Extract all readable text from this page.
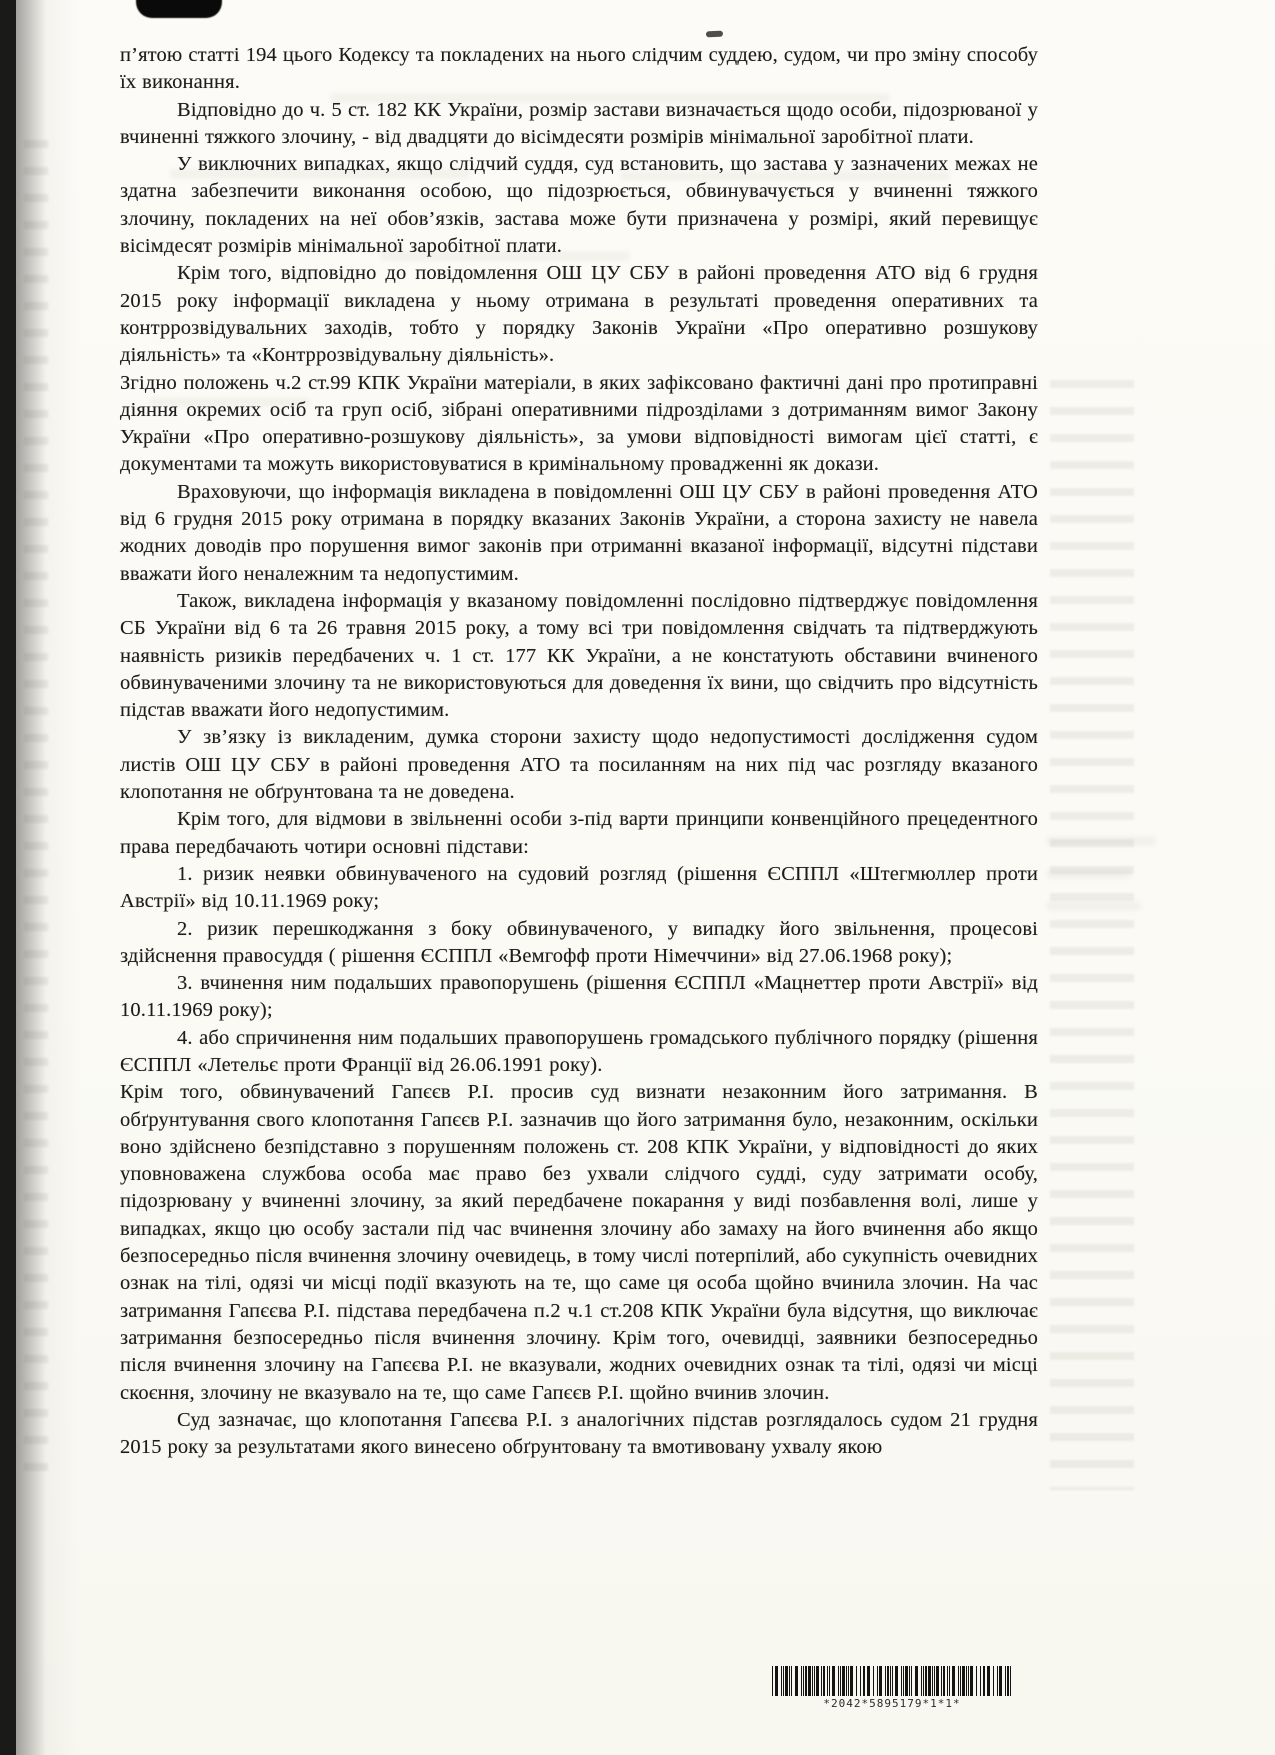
п’ятою статті 194 цього Кодексу та покладених на нього слідчим суддею, судом, чи про зміну способу їх виконання.

Відповідно до ч. 5 ст. 182 КК України, розмір застави визначається щодо особи, підозрюваної у вчиненні тяжкого злочину, - від двадцяти до вісімдесяти розмірів мінімальної заробітної плати.

У виключних випадках, якщо слідчий суддя, суд встановить, що застава у зазначених межах не здатна забезпечити виконання особою, що підозрюється, обвинувачується у вчиненні тяжкого злочину, покладених на неї обов’язків, застава може бути призначена у розмірі, який перевищує вісімдесят розмірів мінімальної заробітної плати.

Крім того, відповідно до повідомлення ОШ ЦУ СБУ в районі проведення АТО від 6 грудня 2015 року інформації викладена у ньому отримана в результаті проведення оперативних та контррозвідувальних заходів, тобто у порядку Законів України «Про оперативно розшукову діяльність» та «Контррозвідувальну діяльність».

Згідно положень ч.2 ст.99 КПК України матеріали, в яких зафіксовано фактичні дані про протиправні діяння окремих осіб та груп осіб, зібрані оперативними підрозділами з дотриманням вимог Закону України «Про оперативно-розшукову діяльність», за умови відповідності вимогам цієї статті, є документами та можуть використовуватися в кримінальному провадженні як докази.

Враховуючи, що інформація викладена в повідомленні ОШ ЦУ СБУ в районі проведення АТО від 6 грудня 2015 року отримана в порядку вказаних Законів України, а сторона захисту не навела жодних доводів про порушення вимог законів при отриманні вказаної інформації, відсутні підстави вважати його неналежним та недопустимим.

Також, викладена інформація у вказаному повідомленні послідовно підтверджує повідомлення СБ України від 6 та 26 травня 2015 року, а тому всі три повідомлення свідчать та підтверджують наявність ризиків передбачених ч. 1 ст. 177 КК України, а не констатують обставини вчиненого обвинуваченими злочину та не використовуються для доведення їх вини, що свідчить про відсутність підстав вважати його недопустимим.

У зв’язку із викладеним, думка сторони захисту щодо недопустимості дослідження судом листів ОШ ЦУ СБУ в районі проведення АТО та посиланням на них під час розгляду вказаного клопотання не обґрунтована та не доведена.

Крім того, для відмови в звільненні особи з-під варти принципи конвенційного прецедентного права передбачають чотири основні підстави:

1. ризик неявки обвинуваченого на судовий розгляд (рішення ЄСППЛ «Штегмюллер проти Австрії» від 10.11.1969 року;

2. ризик перешкоджання з боку обвинуваченого, у випадку його звільнення, процесові здійснення правосуддя ( рішення ЄСППЛ «Вемгофф проти Німеччини» від 27.06.1968 року);

3. вчинення ним подальших правопорушень (рішення ЄСППЛ «Мацнеттер проти Австрії» від 10.11.1969 року);

4. або спричинення ним подальших правопорушень громадського публічного порядку (рішення ЄСППЛ «Летельє проти Франції від 26.06.1991 року).

Крім того, обвинувачений Гапєєв Р.І. просив суд визнати незаконним його затримання. В обґрунтування свого клопотання Гапєєв Р.І. зазначив що його затримання було, незаконним, оскільки воно здійснено безпідставно з порушенням положень ст. 208 КПК України, у відповідності до яких уповноважена службова особа має право без ухвали слідчого судді, суду затримати особу, підозрювану у вчиненні злочину, за який передбачене покарання у виді позбавлення волі, лише у випадках, якщо цю особу застали під час вчинення злочину або замаху на його вчинення або якщо безпосередньо після вчинення злочину очевидець, в тому числі потерпілий, або сукупність очевидних ознак на тілі, одязі чи місці події вказують на те, що саме ця особа щойно вчинила злочин. На час затримання Гапєєва Р.І. підстава передбачена п.2 ч.1 ст.208 КПК України була відсутня, що виключає затримання безпосередньо після вчинення злочину. Крім того, очевидці, заявники безпосередньо після вчинення злочину на Гапєєва Р.І. не вказували, жодних очевидних ознак та тілі, одязі чи місці скоєння, злочину не вказувало на те, що саме Гапєєв Р.І. щойно вчинив злочин.

Суд зазначає, що клопотання Гапєєва Р.І. з аналогічних підстав розглядалось судом 21 грудня 2015 року за результатами якого винесено обґрунтовану та вмотивовану ухвалу якою

*2042*5895179*1*1*
